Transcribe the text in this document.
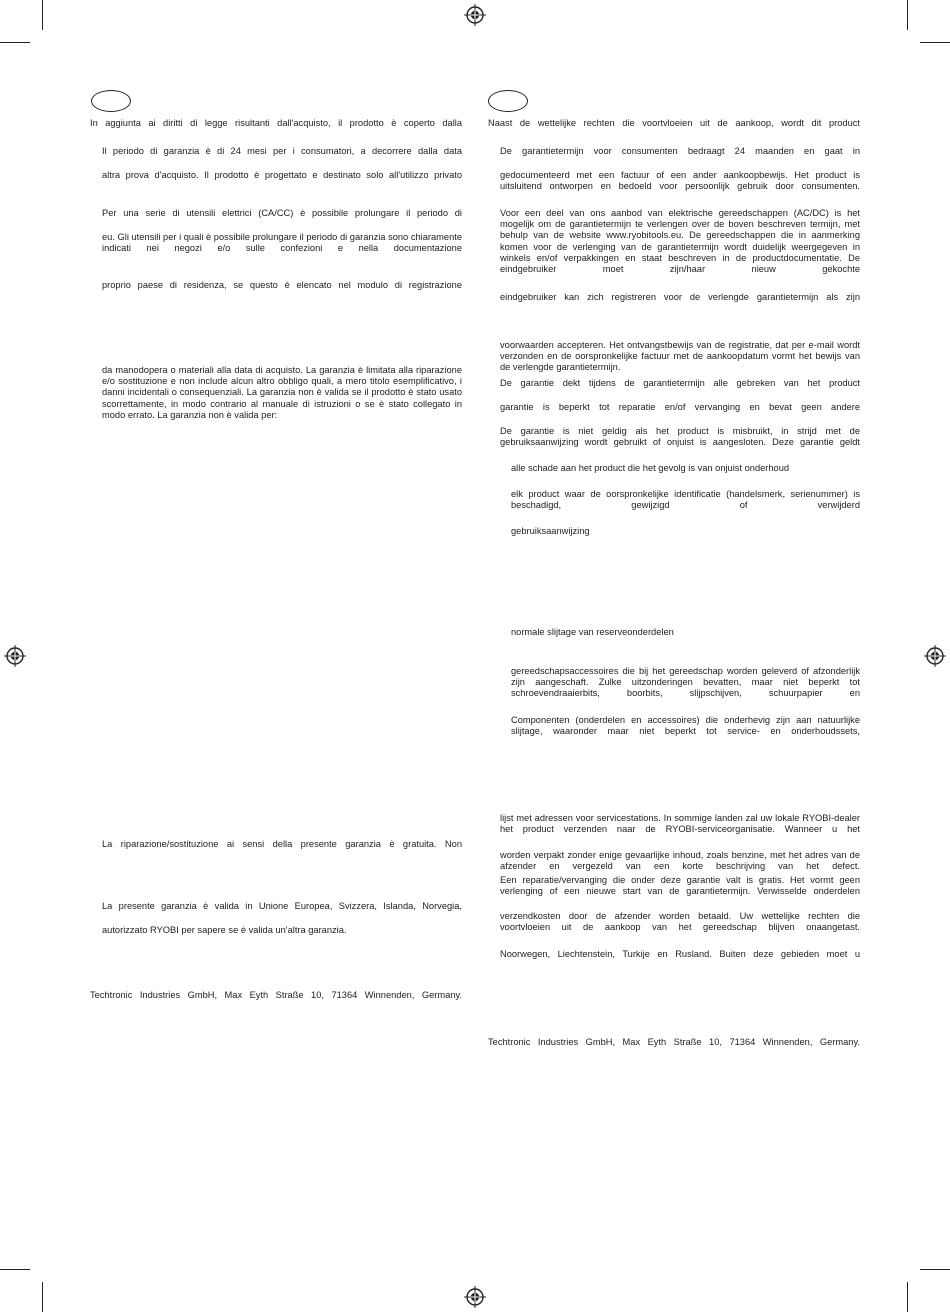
In aggiunta ai diritti di legge risultanti dall'acquisto, il prodotto è coperto dalla

Il periodo di garanzia è di 24 mesi per i consumatori, a decorrere dalla data

altra prova d'acquisto. Il prodotto è progettato e destinato solo all'utilizzo privato

Per una serie di utensili elettrici (CA/CC) è possibile prolungare il periodo di

eu. Gli utensili per i quali è possibile prolungare il periodo di garanzia sono chiaramente indicati nei negozi e/o sulle confezioni e nella documentazione

proprio paese di residenza, se questo è elencato nel modulo di registrazione

da manodopera o materiali alla data di acquisto. La garanzia è limitata alla riparazione e/o sostituzione e non include alcun altro obbligo quali, a mero titolo esemplificativo, i danni incidentali o consequenziali. La garanzia non è valida se il prodotto è stato usato scorrettamente, in modo contrario al manuale di istruzioni o se è stato collegato in modo errato. La garanzia non è valida per:

La riparazione/sostituzione ai sensi della presente garanzia è gratuita. Non

La presente garanzia è valida in Unione Europea, Svizzera, Islanda, Norvegia,

autorizzato RYOBI per sapere se è valida un'altra garanzia.

Techtronic Industries GmbH, Max Eyth Straße 10, 71364 Winnenden, Germany.

Naast de wettelijke rechten die voortvloeien uit de aankoop, wordt dit product

De garantietermijn voor consumenten bedraagt 24 maanden en gaat in

gedocumenteerd met een factuur of een ander aankoopbewijs. Het product is uitsluitend ontworpen en bedoeld voor persoonlijk gebruik door consumenten.

Voor een deel van ons aanbod van elektrische gereedschappen (AC/DC) is het mogelijk om de garantietermijn te verlengen over de boven beschreven termijn, met behulp van de website www.ryobitools.eu. De gereedschappen die in aanmerking komen voor de verlenging van de garantietermijn wordt duidelijk weergegeven in winkels en/of verpakkingen en staat beschreven in de productdocumentatie. De eindgebruiker moet zijn/haar nieuw gekochte

eindgebruiker kan zich registreren voor de verlengde garantietermijn als zijn

voorwaarden accepteren. Het ontvangstbewijs van de registratie, dat per e-mail wordt verzonden en de oorspronkelijke factuur met de aankoopdatum vormt het bewijs van de verlengde garantietermijn.

De garantie dekt tijdens de garantietermijn alle gebreken van het product

garantie is beperkt tot reparatie en/of vervanging en bevat geen andere

De garantie is niet geldig als het product is misbruikt, in strijd met de gebruiksaanwijzing wordt gebruikt of onjuist is aangesloten. Deze garantie geldt

alle schade aan het product die het gevolg is van onjuist onderhoud

elk product waar de oorspronkelijke identificatie (handelsmerk, serienummer) is beschadigd, gewijzigd of verwijderd

gebruiksaanwijzing

normale slijtage van reserveonderdelen

gereedschapsaccessoires die bij het gereedschap worden geleverd of afzonderlijk zijn aangeschaft. Zulke uitzonderingen bevatten, maar niet beperkt tot schroevendraaierbits, boorbits, slijpschijven, schuurpapier en

Componenten (onderdelen en accessoires) die onderhevig zijn aan natuurlijke slijtage, waaronder maar niet beperkt tot service- en onderhoudssets,

lijst met adressen voor servicestations. In sommige landen zal uw lokale RYOBI-dealer het product verzenden naar de RYOBI-serviceorganisatie. Wanneer u het

worden verpakt zonder enige gevaarlijke inhoud, zoals benzine, met het adres van de afzender en vergezeld van een korte beschrijving van het defect.

Een reparatie/vervanging die onder deze garantie valt is gratis. Het vormt geen verlenging of een nieuwe start van de garantietermijn. Verwisselde onderdelen

verzendkosten door de afzender worden betaald. Uw wettelijke rechten die voortvloeien uit de aankoop van het gereedschap blijven onaangetast.

Noorwegen, Liechtenstein, Turkije en Rusland. Buiten deze gebieden moet u

Techtronic Industries GmbH, Max Eyth Straße 10, 71364 Winnenden, Germany.
